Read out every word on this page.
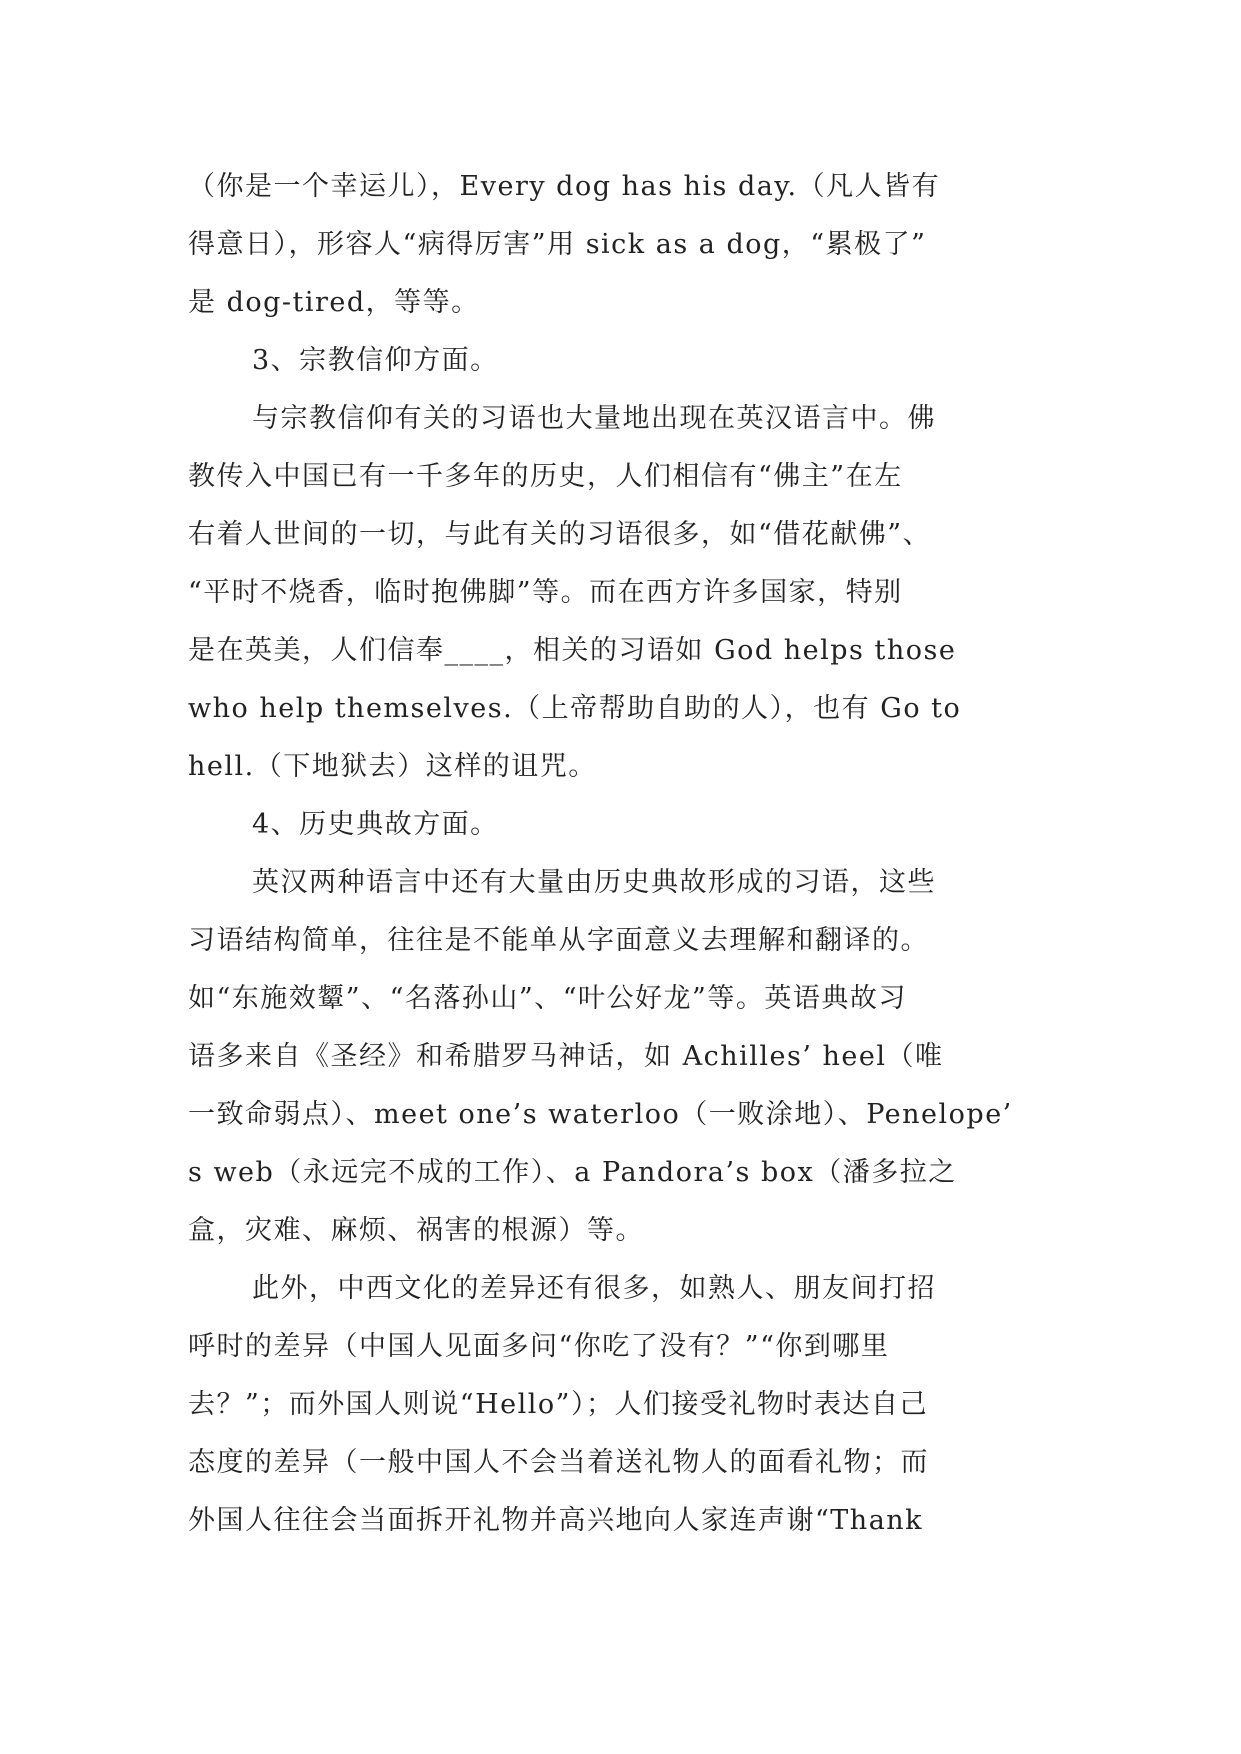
（你是一个幸运儿），Every dog has his day.（凡人皆有
得意日），形容人“病得厉害”用 sick as a dog，“累极了”
是 dog-tired，等等。
3、宗教信仰方面。
与宗教信仰有关的习语也大量地出现在英汉语言中。佛
教传入中国已有一千多年的历史，人们相信有“佛主”在左
右着人世间的一切，与此有关的习语很多，如“借花献佛”、
“平时不烧香，临时抱佛脚”等。而在西方许多国家，特别
是在英美，人们信奉____，相关的习语如 God helps those
who help themselves.（上帝帮助自助的人），也有 Go to
hell.（下地狱去）这样的诅咒。
4、历史典故方面。
英汉两种语言中还有大量由历史典故形成的习语，这些
习语结构简单，往往是不能单从字面意义去理解和翻译的。
如“东施效颦”、“名落孙山”、“叶公好龙”等。英语典故习
语多来自《圣经》和希腊罗马神话，如 Achilles’ heel（唯
一致命弱点）、meet one’s waterloo（一败涂地）、Penelope’
s web（永远完不成的工作）、a Pandora’s box（潘多拉之
盒，灾难、麻烦、祸害的根源）等。
此外，中西文化的差异还有很多，如熟人、朋友间打招
呼时的差异（中国人见面多问“你吃了没有？”“你到哪里
去？”；而外国人则说“Hello”）；人们接受礼物时表达自己
态度的差异（一般中国人不会当着送礼物人的面看礼物；而
外国人往往会当面拆开礼物并高兴地向人家连声谢“Thank
